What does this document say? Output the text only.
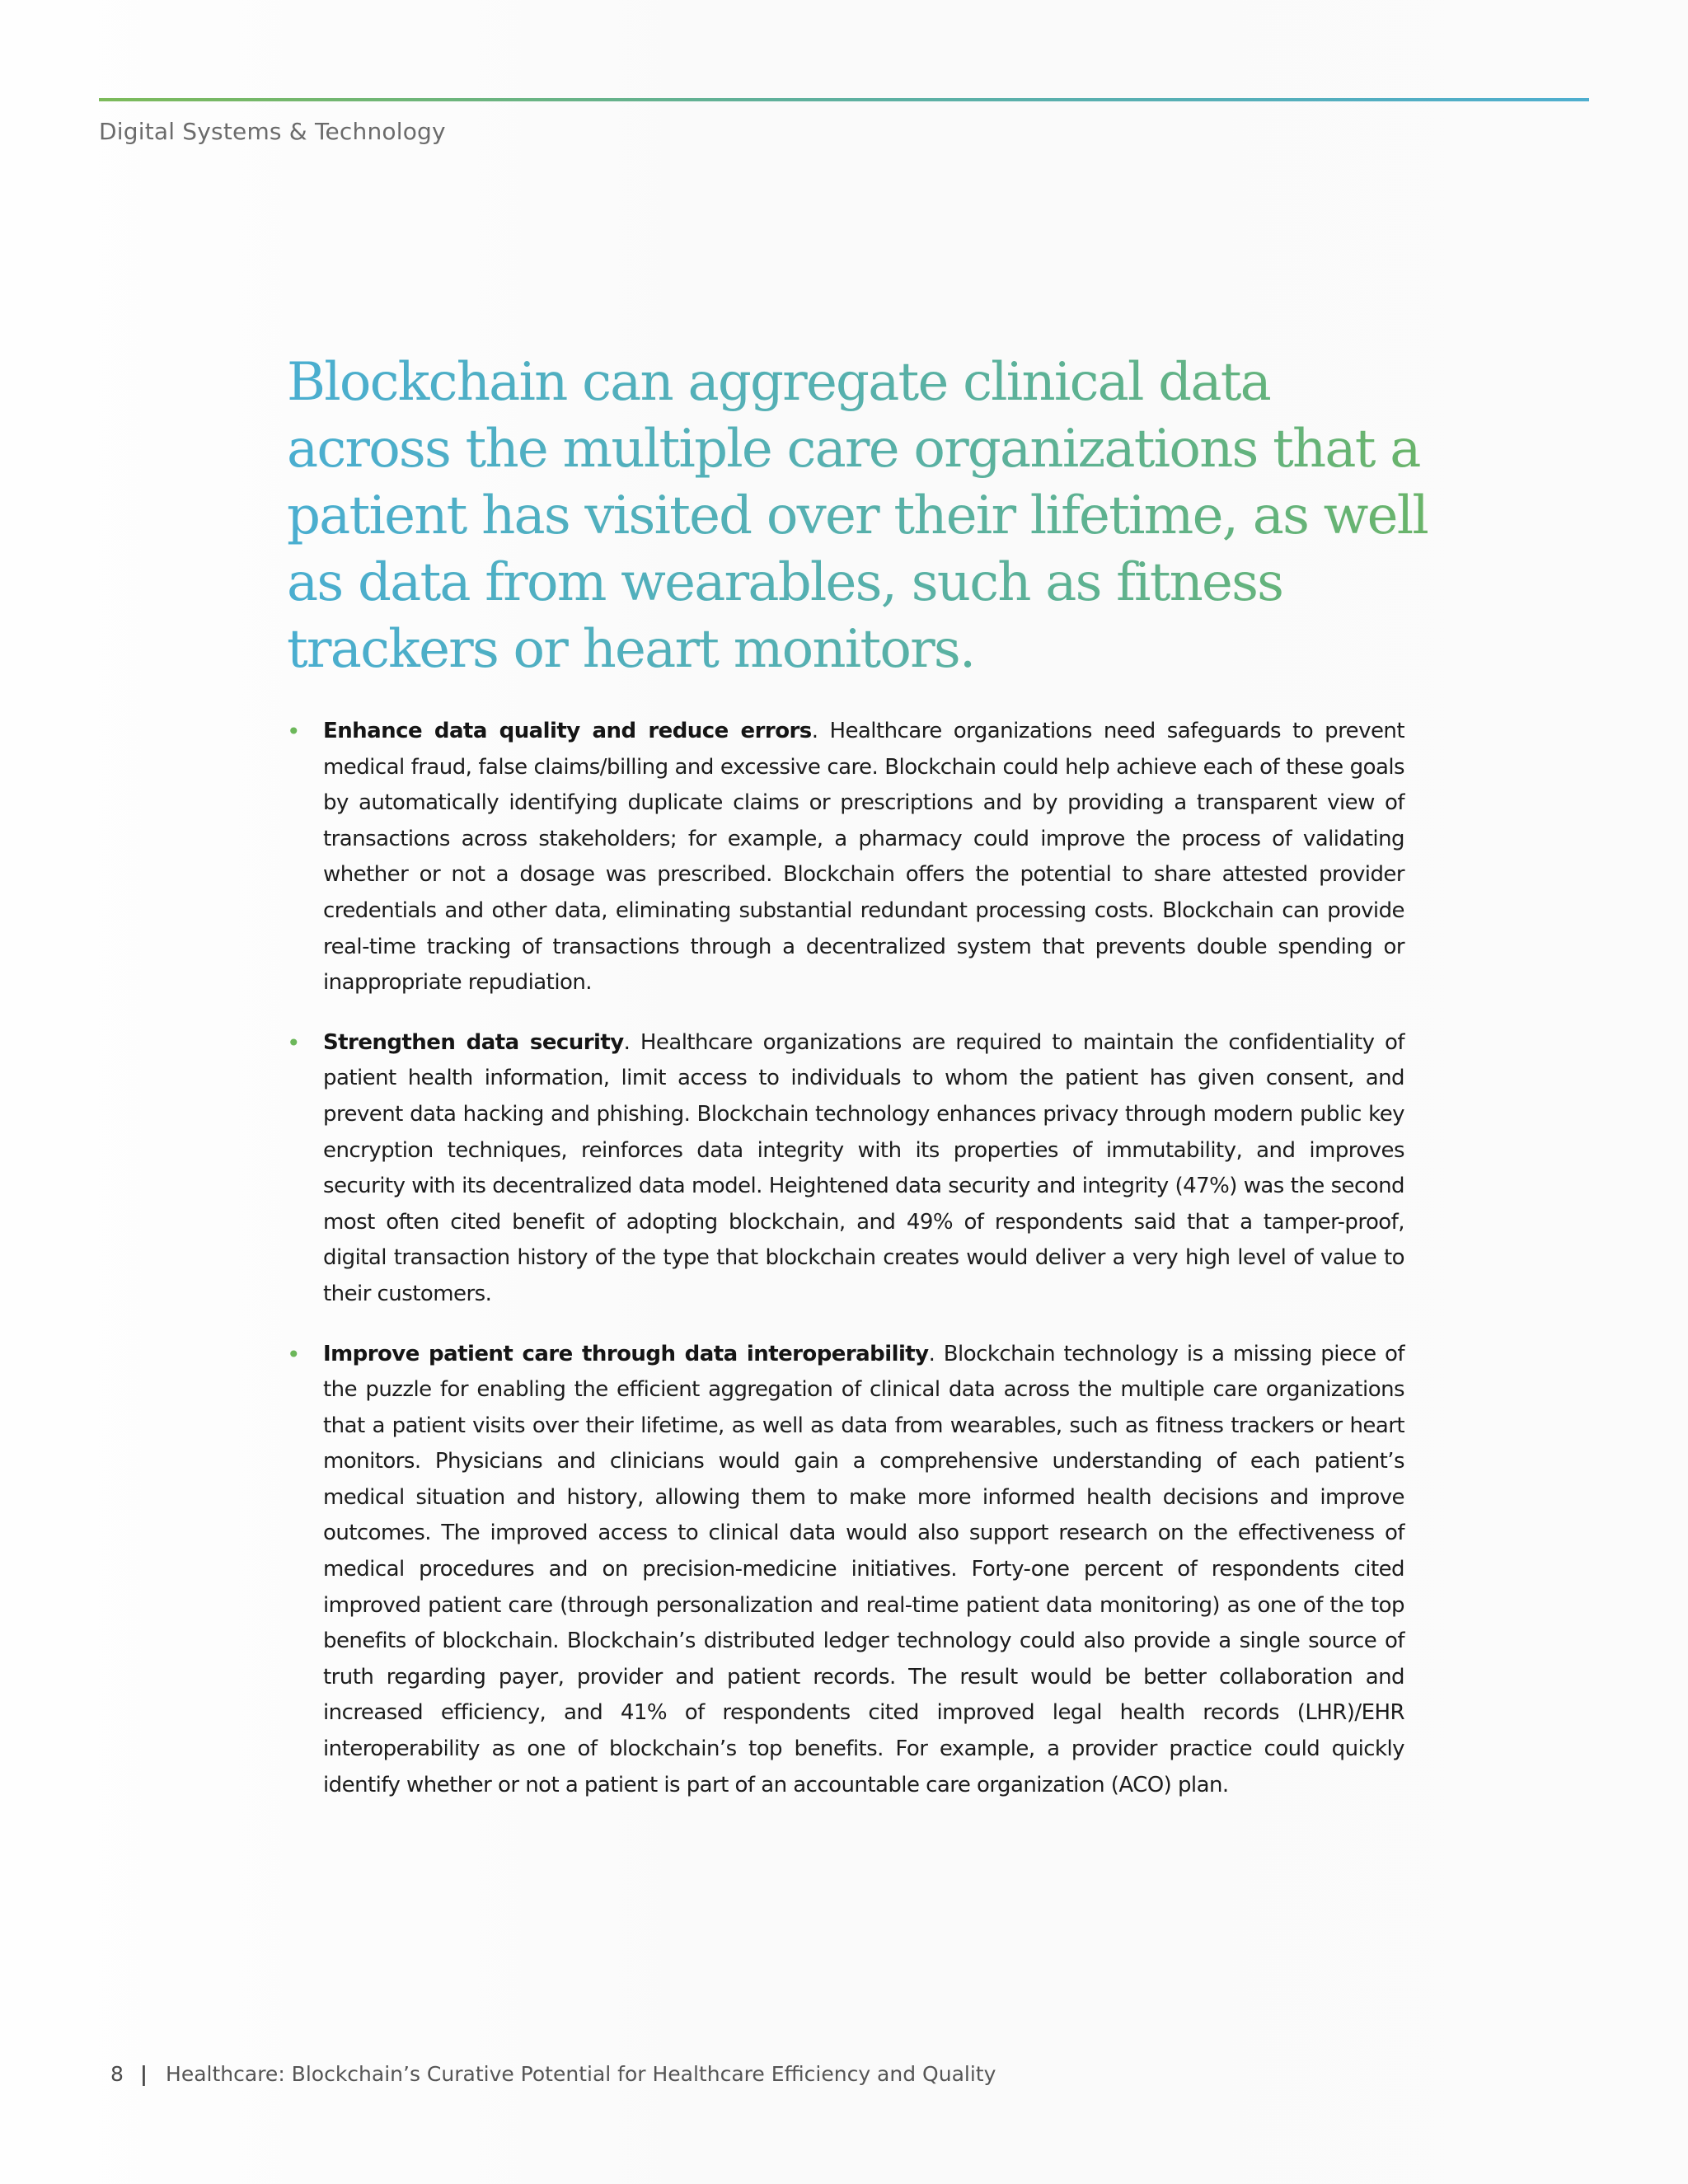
Digital Systems & Technology
Blockchain can aggregate clinical data across the multiple care organizations that a patient has visited over their lifetime, as well as data from wearables, such as fitness trackers or heart monitors.
• Enhance data quality and reduce errors. Healthcare organizations need safeguards to prevent medical fraud, false claims/billing and excessive care. Blockchain could help achieve each of these goals by automatically identifying duplicate claims or prescriptions and by providing a transparent view of transactions across stakeholders; for example, a pharmacy could improve the process of validating whether or not a dosage was prescribed. Blockchain offers the potential to share attested provider credentials and other data, eliminating substantial redundant processing costs. Blockchain can provide real-time tracking of transactions through a decentralized system that prevents double spending or inappropriate repudiation.
• Strengthen data security. Healthcare organizations are required to maintain the confidentiality of patient health information, limit access to individuals to whom the patient has given consent, and prevent data hacking and phishing. Blockchain technology enhances privacy through modern public key encryption techniques, reinforces data integrity with its properties of immutability, and improves security with its decentralized data model. Heightened data security and integrity (47%) was the second most often cited benefit of adopting blockchain, and 49% of respondents said that a tamper-proof, digital transaction history of the type that blockchain creates would deliver a very high level of value to their customers.
• Improve patient care through data interoperability. Blockchain technology is a missing piece of the puzzle for enabling the efficient aggregation of clinical data across the multiple care organizations that a patient visits over their lifetime, as well as data from wearables, such as fitness trackers or heart monitors. Physicians and clinicians would gain a comprehensive understanding of each patient’s medical situation and history, allowing them to make more informed health decisions and improve outcomes. The improved access to clinical data would also support research on the effectiveness of medical procedures and on precision-medicine initiatives. Forty-one percent of respondents cited improved patient care (through personalization and real-time patient data monitoring) as one of the top benefits of blockchain. Blockchain’s distributed ledger technology could also provide a single source of truth regarding payer, provider and patient records. The result would be better collaboration and increased efficiency, and 41% of respondents cited improved legal health records (LHR)/EHR interoperability as one of blockchain’s top benefits. For example, a provider practice could quickly identify whether or not a patient is part of an accountable care organization (ACO) plan.
8 | Healthcare: Blockchain’s Curative Potential for Healthcare Efficiency and Quality
